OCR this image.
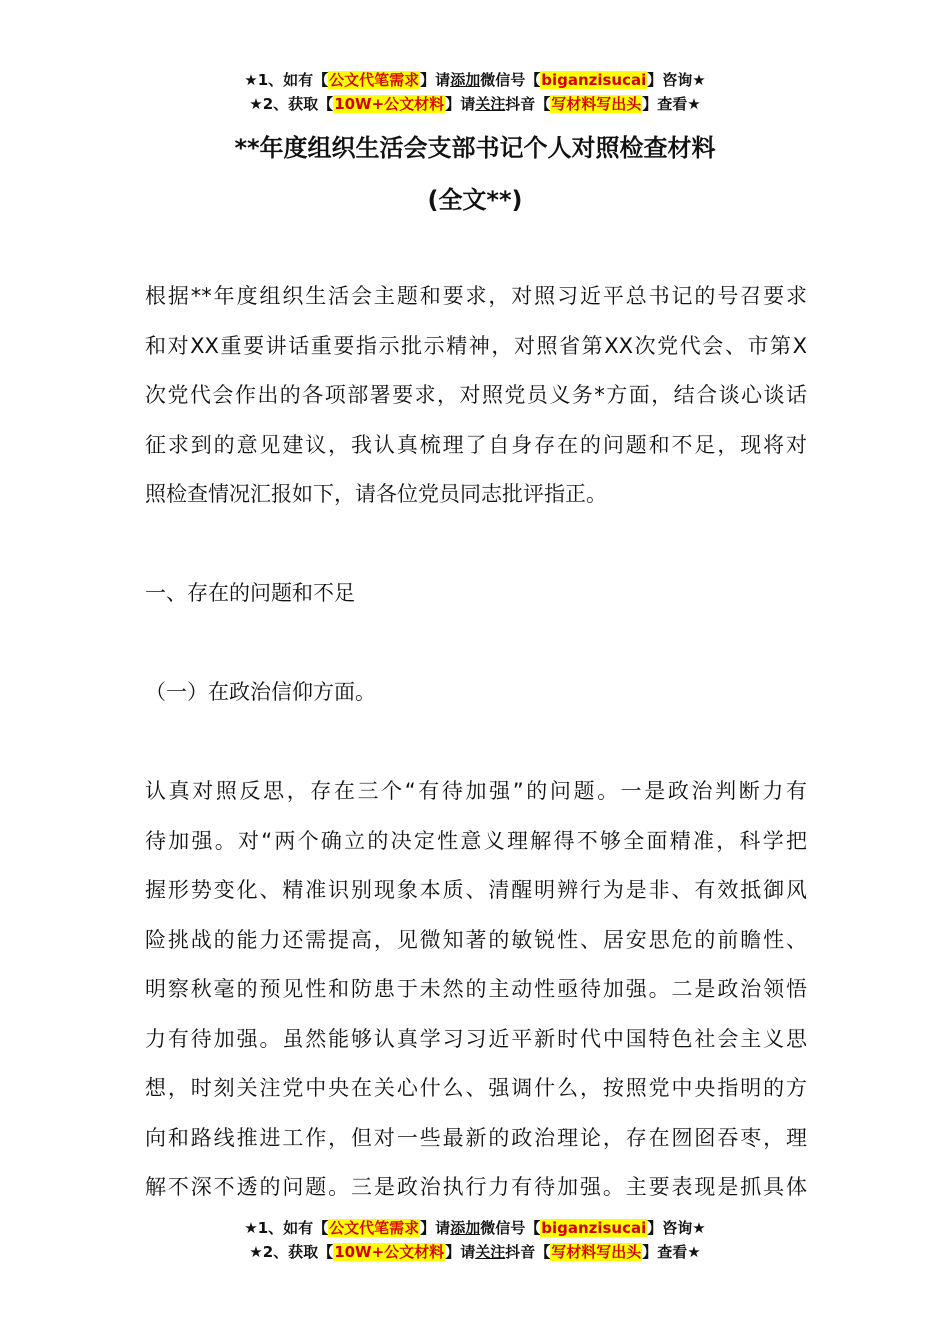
★1、如有【公文代笔需求】请添加微信号【biganzisucai】咨询★
★2、获取【10W+公文材料】请关注抖音【写材料写出头】查看★
**年度组织生活会支部书记个人对照检查材料
(全文**)
根据**年度组织生活会主题和要求，对照习近平总书记的号召要求
和对XX重要讲话重要指示批示精神，对照省第XX次党代会、市第X
次党代会作出的各项部署要求，对照党员义务*方面，结合谈心谈话
征求到的意见建议，我认真梳理了自身存在的问题和不足，现将对
照检查情况汇报如下，请各位党员同志批评指正。
一、存在的问题和不足
（一）在政治信仰方面。
认真对照反思，存在三个“有待加强”的问题。一是政治判断力有
待加强。对“两个确立的决定性意义理解得不够全面精准，科学把
握形势变化、精准识别现象本质、清醒明辨行为是非、有效抵御风
险挑战的能力还需提高，见微知著的敏锐性、居安思危的前瞻性、
明察秋毫的预见性和防患于未然的主动性亟待加强。二是政治领悟
力有待加强。虽然能够认真学习习近平新时代中国特色社会主义思
想，时刻关注党中央在关心什么、强调什么，按照党中央指明的方
向和路线推进工作，但对一些最新的政治理论，存在囫囵吞枣，理
解不深不透的问题。三是政治执行力有待加强。主要表现是抓具体
★1、如有【公文代笔需求】请添加微信号【biganzisucai】咨询★
★2、获取【10W+公文材料】请关注抖音【写材料写出头】查看★
